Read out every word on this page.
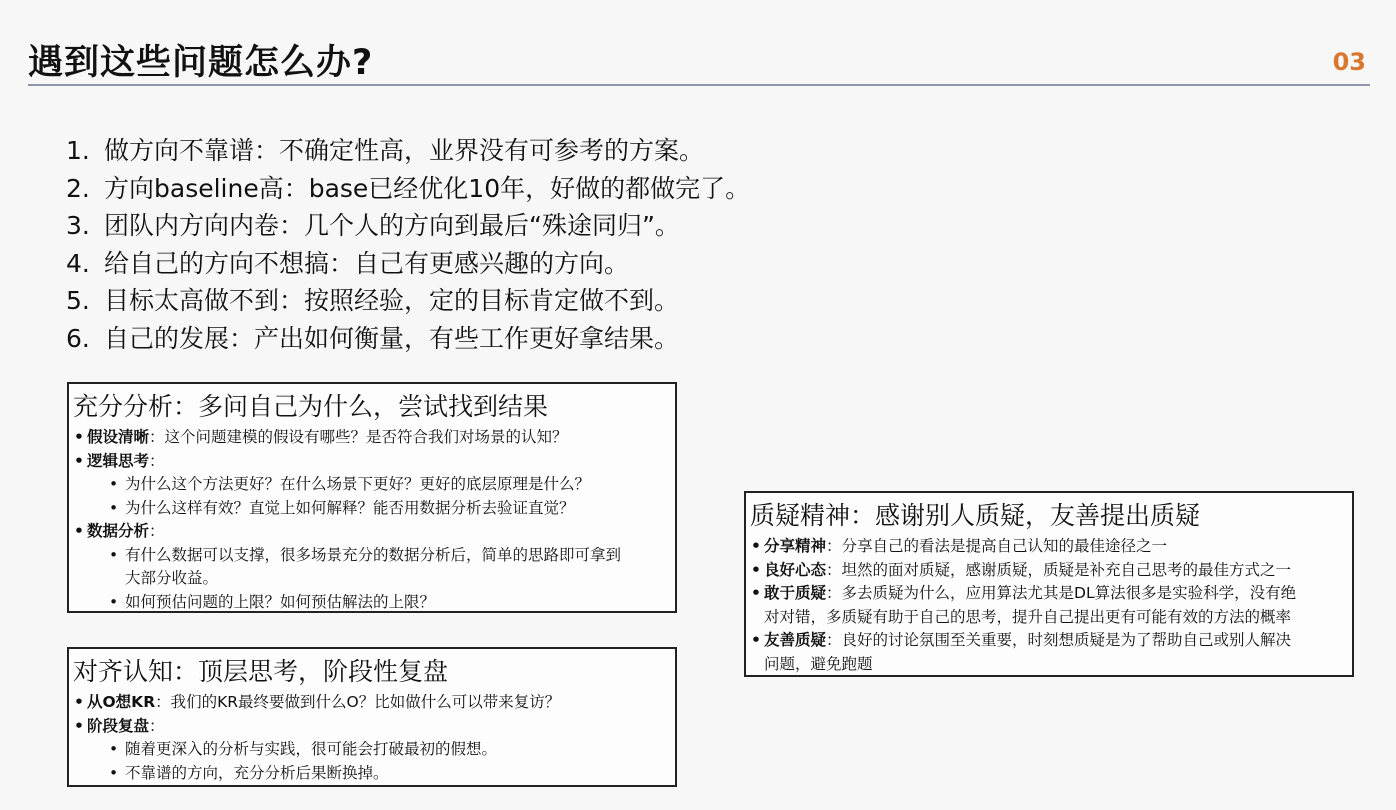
遇到这些问题怎么办?	03
1. 做方向不靠谱：不确定性高，业界没有可参考的方案。
2. 方向baseline高：base已经优化10年，好做的都做完了。
3. 团队内方向内卷：几个人的方向到最后“殊途同归”。
4. 给自己的方向不想搞：自己有更感兴趣的方向。
5. 目标太高做不到：按照经验，定的目标肯定做不到。
6. 自己的发展：产出如何衡量，有些工作更好拿结果。
充分分析：多问自己为什么，尝试找到结果
• 假设清晰：这个问题建模的假设有哪些？是否符合我们对场景的认知？
• 逻辑思考：
• 为什么这个方法更好？在什么场景下更好？更好的底层原理是什么？
• 为什么这样有效？直觉上如何解释？能否用数据分析去验证直觉？
• 数据分析：
• 有什么数据可以支撑，很多场景充分的数据分析后，简单的思路即可拿到
大部分收益。
• 如何预估问题的上限？如何预估解法的上限？
对齐认知：顶层思考，阶段性复盘
• 从O想KR：我们的KR最终要做到什么O？比如做什么可以带来复访？
• 阶段复盘：
• 随着更深入的分析与实践，很可能会打破最初的假想。
• 不靠谱的方向，充分分析后果断换掉。
质疑精神：感谢别人质疑，友善提出质疑
• 分享精神：分享自己的看法是提高自己认知的最佳途径之一
• 良好心态：坦然的面对质疑，感谢质疑，质疑是补充自己思考的最佳方式之一
• 敢于质疑：多去质疑为什么，应用算法尤其是DL算法很多是实验科学，没有绝
对对错，多质疑有助于自己的思考，提升自己提出更有可能有效的方法的概率
• 友善质疑：良好的讨论氛围至关重要，时刻想质疑是为了帮助自己或别人解决
问题，避免跑题
